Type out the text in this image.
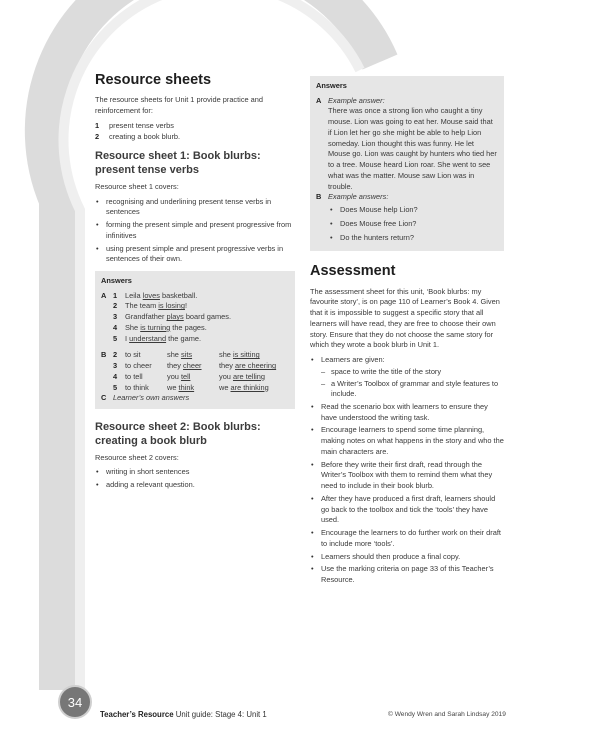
Resource sheets

The resource sheets for Unit 1 provide practice and reinforcement for:

1	present tense verbs
2	creating a book blurb.
Resource sheet 1: Book blurbs: present tense verbs

Resource sheet 1 covers:

• recognising and underlining present tense verbs in sentences
• forming the present simple and present progressive from infinitives
• using present simple and present progressive verbs in sentences of their own.
Answers
A 1	Leila loves basketball.
2	The team is losing!
3	Grandfather plays board games.
4	She is turning the pages.
5	I understand the game.
B 2	to sit	she sits	she is sitting
3	to cheer	they cheer	they are cheering
4	to tell	you tell	you are telling
5	to think	we think	we are thinking
C Learner’s own answers
Resource sheet 2: Book blurbs: creating a book blurb

Resource sheet 2 covers:

• writing in short sentences
• adding a relevant question.
Answers
A Example answer:
There was once a strong lion who caught a tiny mouse. Lion was going to eat her. Mouse said that if Lion let her go she might be able to help Lion someday. Lion thought this was funny. He let Mouse go. Lion was caught by hunters who tied her to a tree. Mouse heard Lion roar. She went to see what was the matter. Mouse saw Lion was in trouble.
B Example answers:
• Does Mouse help Lion?
• Does Mouse free Lion?
• Do the hunters return?
Assessment

The assessment sheet for this unit, ‘Book blurbs: my favourite story’, is on page 110 of Learner’s Book 4. Given that it is impossible to suggest a specific story that all learners will have read, they are free to choose their own story. Ensure that they do not choose the same story for which they wrote a book blurb in Unit 1.

• Learners are given:
– space to write the title of the story
– a Writer’s Toolbox of grammar and style features to include.
• Read the scenario box with learners to ensure they have understood the writing task.
• Encourage learners to spend some time planning, making notes on what happens in the story and who the main characters are.
• Before they write their first draft, read through the Writer’s Toolbox with them to remind them what they need to include in their book blurb.
• After they have produced a first draft, learners should go back to the toolbox and tick the ‘tools’ they have used.
• Encourage the learners to do further work on their draft to include more ‘tools’.
• Learners should then produce a final copy.
• Use the marking criteria on page 33 of this Teacher’s Resource.
34
Teacher’s Resource Unit guide: Stage 4: Unit 1	© Wendy Wren and Sarah Lindsay 2019
